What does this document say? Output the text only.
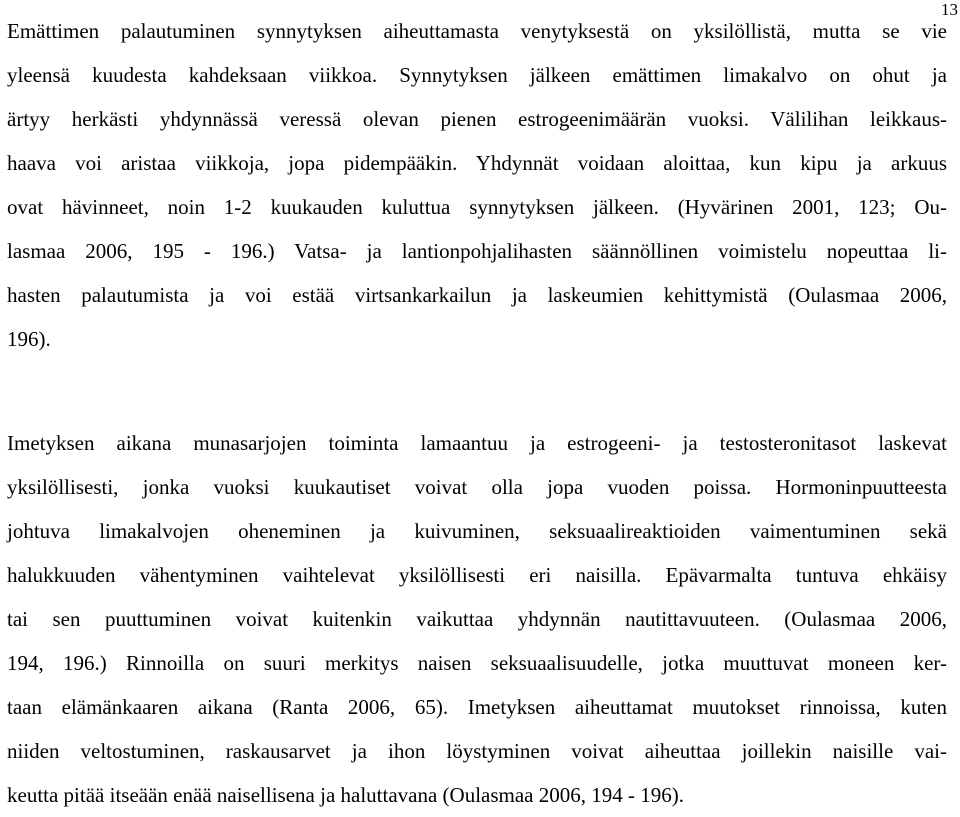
13
Emättimen palautuminen synnytyksen aiheuttamasta venytyksestä on yksilöllistä, mutta se vie
yleensä kuudesta kahdeksaan viikkoa. Synnytyksen jälkeen emättimen limakalvo on ohut ja
ärtyy herkästi yhdynnässä veressä olevan pienen estrogeenimäärän vuoksi. Välilihan leikkaus-
haava voi aristaa viikkoja, jopa pidempääkin. Yhdynnät voidaan aloittaa, kun kipu ja arkuus
ovat hävinneet, noin 1-2 kuukauden kuluttua synnytyksen jälkeen. (Hyvärinen 2001, 123; Ou-
lasmaa 2006, 195 - 196.) Vatsa- ja lantionpohjalihasten säännöllinen voimistelu nopeuttaa li-
hasten palautumista ja voi estää virtsankarkailun ja laskeumien kehittymistä (Oulasmaa 2006,
196).
Imetyksen aikana munasarjojen toiminta lamaantuu ja estrogeeni- ja testosteronitasot laskevat
yksilöllisesti, jonka vuoksi kuukautiset voivat olla jopa vuoden poissa. Hormoninpuutteesta
johtuva limakalvojen oheneminen ja kuivuminen, seksuaalireaktioiden vaimentuminen sekä
halukkuuden vähentyminen vaihtelevat yksilöllisesti eri naisilla. Epävarmalta tuntuva ehkäisy
tai sen puuttuminen voivat kuitenkin vaikuttaa yhdynnän nautittavuuteen. (Oulasmaa 2006,
194, 196.) Rinnoilla on suuri merkitys naisen seksuaalisuudelle, jotka muuttuvat moneen ker-
taan elämänkaaren aikana (Ranta 2006, 65). Imetyksen aiheuttamat muutokset rinnoissa, kuten
niiden veltostuminen, raskausarvet ja ihon löystyminen voivat aiheuttaa joillekin naisille vai-
keutta pitää itseään enää naisellisena ja haluttavana (Oulasmaa 2006, 194 - 196).
